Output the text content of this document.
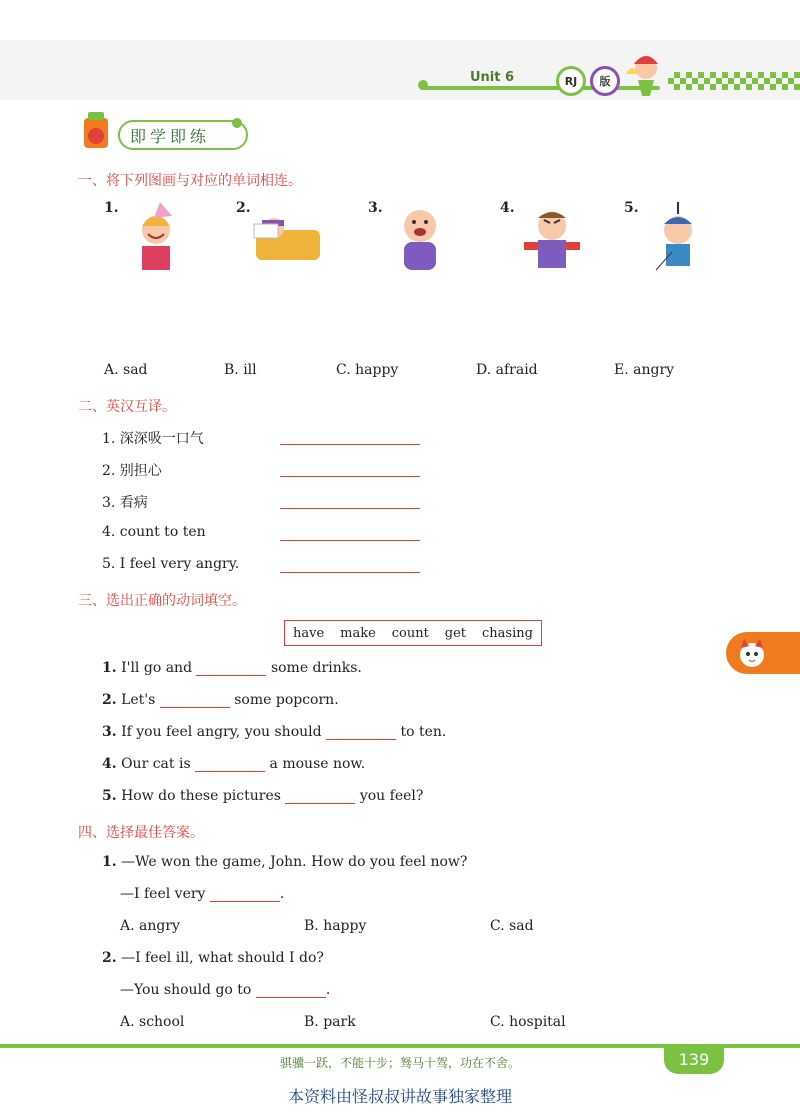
Unit 6	RJ	版
即学即练
一、将下列图画与对应的单词相连。
1.	2.	3.	4.	5.
A. sad	B. ill	C. happy	D. afraid	E. angry
二、英汉互译。
1. 深深吸一口气
2. 别担心
3. 看病
4. count to ten
5. I feel very angry.
三、选出正确的动词填空。
have make count get chasing
1. I'll go and	some drinks.
2. Let's	some popcorn.
3. If you feel angry, you should	to ten.
4. Our cat is	a mouse now.
5. How do these pictures	you feel?
四、选择最佳答案。
1. —We won the game, John. How do you feel now?
—I feel very	.
A. angry	B. happy	C. sad
2. —I feel ill, what should I do?
—You should go to	.
A. school	B. park	C. hospital
骐骥一跃，不能十步；驽马十驾，功在不舍。	139
本资料由怪叔叔讲故事独家整理
